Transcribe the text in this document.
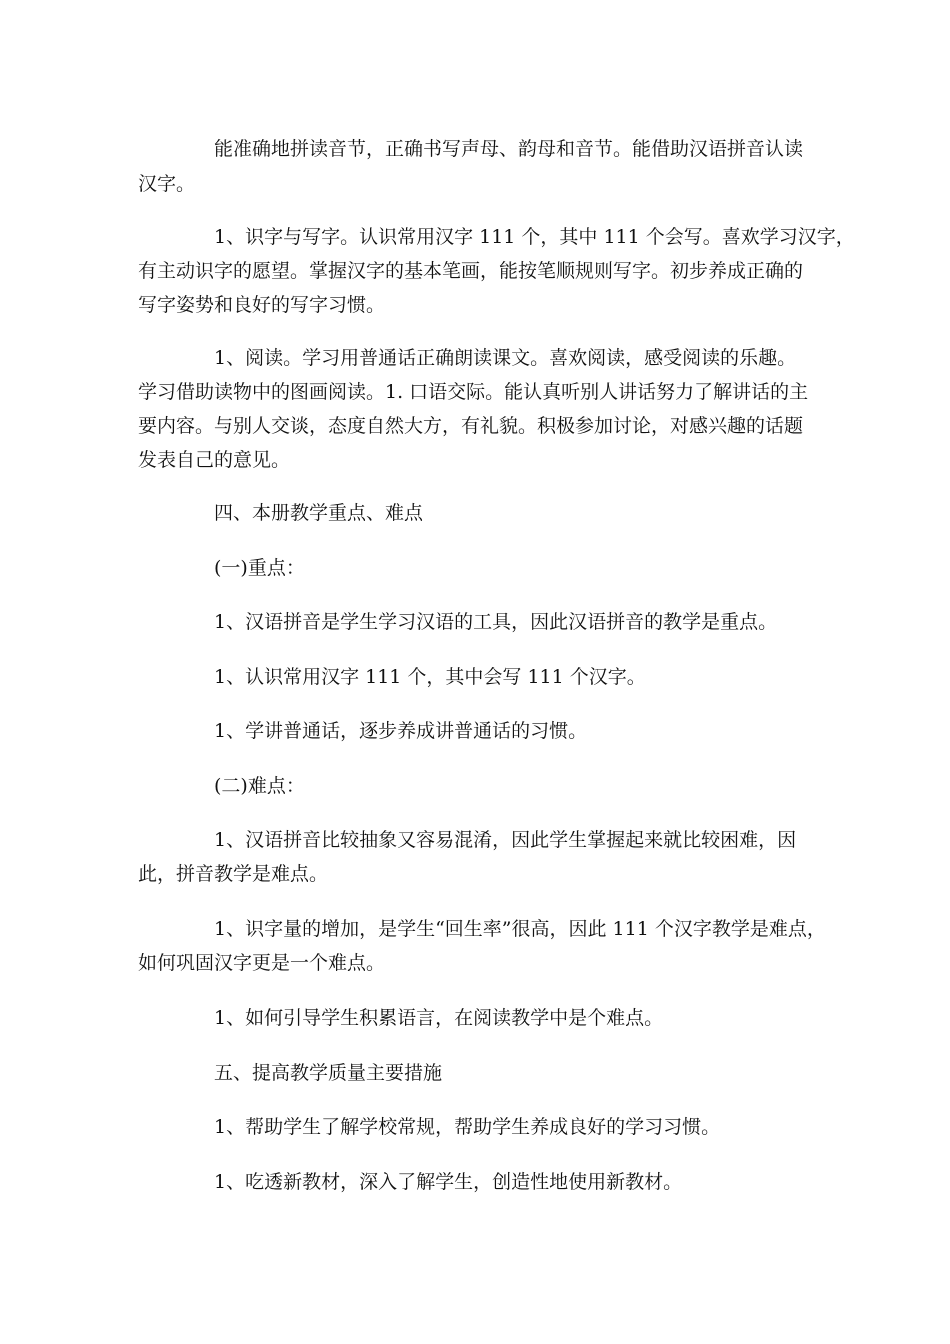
能准确地拼读音节，正确书写声母、韵母和音节。能借助汉语拼音认读
汉字。
1、识字与写字。认识常用汉字 111 个，其中 111 个会写。喜欢学习汉字，
有主动识字的愿望。掌握汉字的基本笔画，能按笔顺规则写字。初步养成正确的
写字姿势和良好的写字习惯。
1、阅读。学习用普通话正确朗读课文。喜欢阅读，感受阅读的乐趣。
学习借助读物中的图画阅读。1. 口语交际。能认真听别人讲话努力了解讲话的主
要内容。与别人交谈，态度自然大方，有礼貌。积极参加讨论，对感兴趣的话题
发表自己的意见。
四、本册教学重点、难点
(一)重点：
1、汉语拼音是学生学习汉语的工具，因此汉语拼音的教学是重点。
1、认识常用汉字 111 个，其中会写 111 个汉字。
1、学讲普通话，逐步养成讲普通话的习惯。
(二)难点：
1、汉语拼音比较抽象又容易混淆，因此学生掌握起来就比较困难，因
此，拼音教学是难点。
1、识字量的增加，是学生“回生率”很高，因此 111 个汉字教学是难点，
如何巩固汉字更是一个难点。
1、如何引导学生积累语言，在阅读教学中是个难点。
五、提高教学质量主要措施
1、帮助学生了解学校常规，帮助学生养成良好的学习习惯。
1、吃透新教材，深入了解学生，创造性地使用新教材。
